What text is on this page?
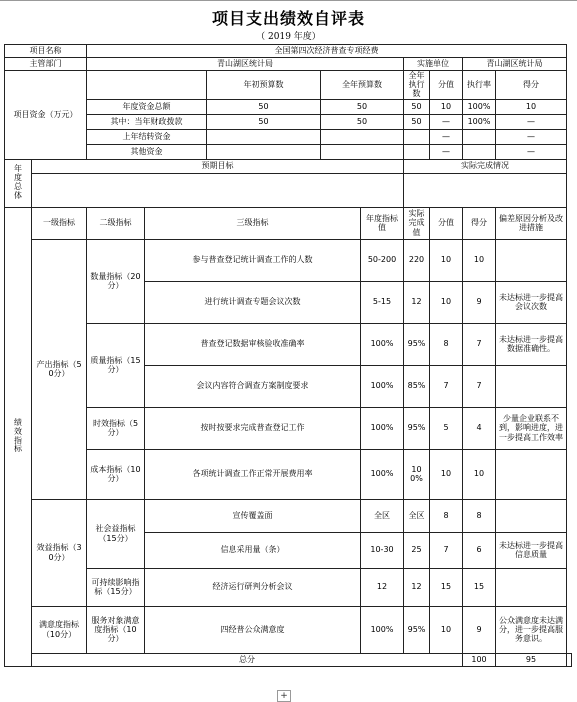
项目支出绩效自评表
（ 2019 年度）
项目名称		全国第四次经济普查专项经费									
主管部门		青山湖区统计局					实施单位		青山湖区统计局		
项目资金（万元）				年初预算数	全年预算数		全年执行数	分值	执行率	得分	
		年度资金总额		50	50		50	10	100%	10	
		其中：当年财政拨款		50	50		50	—	100%	—	
		上年结转资金						—		—	
		其他资金						—		—	
年度总体	预期目标						实际完成情况				

绩效指标	一级指标	二级指标	三级指标			年度指标值	实际完成值	分值	得分	偏差原因分析及改进措施	
	产出指标（50分）	数量指标（20分）	参与普查登记统计调查工作的人数			50-200	220	10	10		
			进行统计调查专题会议次数			5-15	12	10	9	未达标进一步提高会议次数	
		质量指标（15分）	普查登记数据审核验收准确率			100%	95%	8	7	未达标进一步提高数据准确性。	
			会议内容符合调查方案制度要求			100%	85%	7	7		
		时效指标（5分）	按时按要求完成普查登记工作			100%	95%	5	4	少量企业联系不到，影响进度，进一步提高工作效率	
		成本指标（10分）	各项统计调查工作正常开展费用率			100%	100%	10	10		
	效益指标（30分）	社会益指标（15分）	宣传覆盖面			全区	全区	8	8		
			信息采用量（条）			10-30	25	7	6	未达标进一步提高信息质量	
		可持续影响指标（15分）	经济运行研判分析会议			12	12	15	15		
	满意度指标（10分）	服务对象满意度指标（10分）	四经普公众满意度			100%	95%	10	9	公众满意度未达满分，进一步提高服务意识。	
	总分								100	95	
+
